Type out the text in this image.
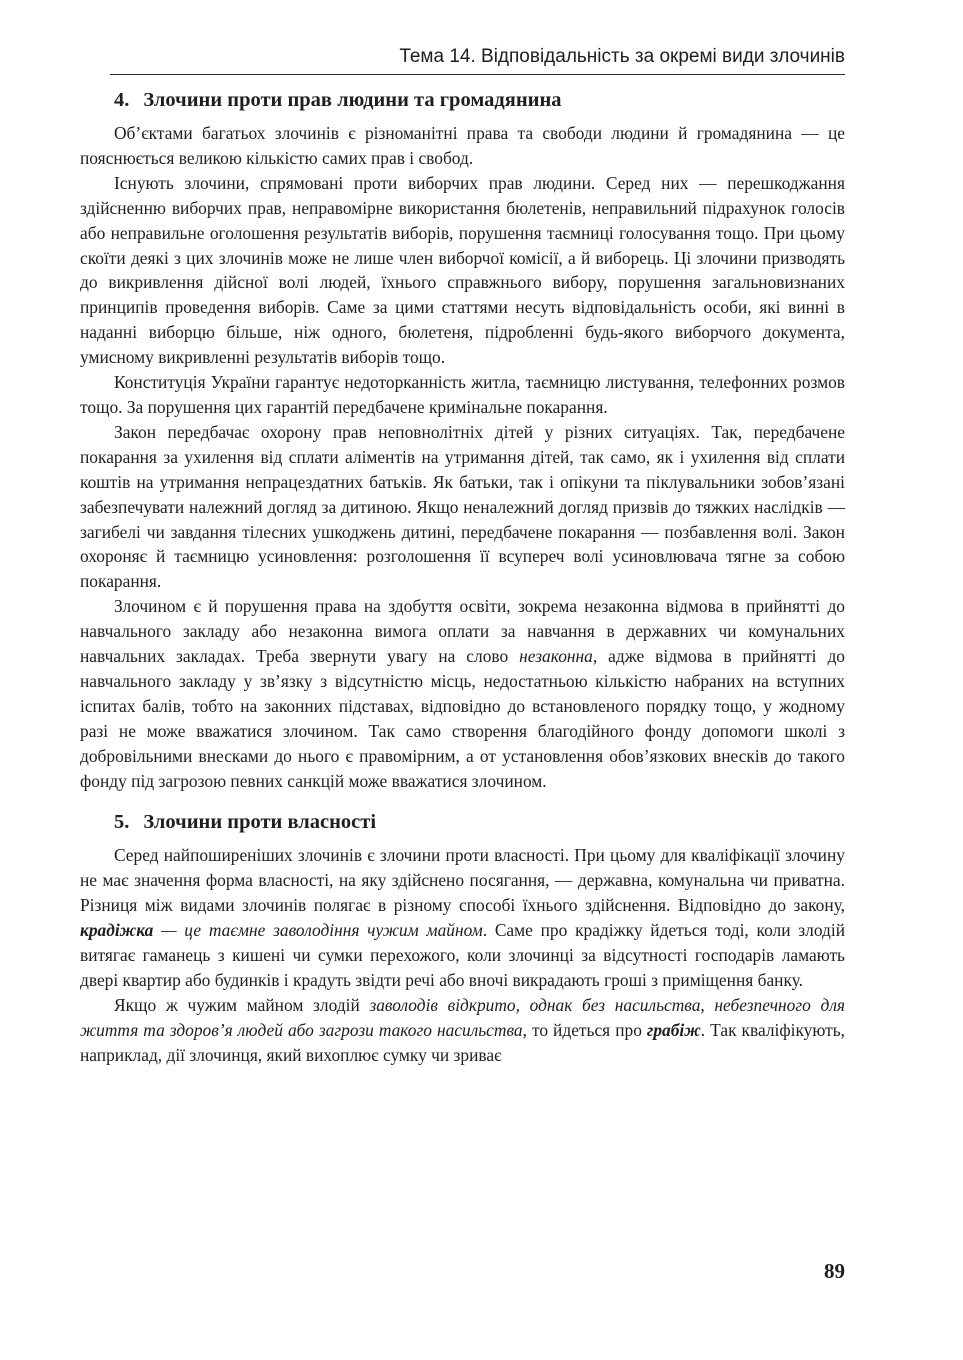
Тема 14. Відповідальність за окремі види злочинів
4. Злочини проти прав людини та громадянина

Об’єктами багатьох злочинів є різноманітні права та свободи людини й громадянина — це пояснюється великою кількістю самих прав і свобод.

Існують злочини, спрямовані проти виборчих прав людини. Серед них — перешкоджання здійсненню виборчих прав, неправомірне використання бюлетенів, неправильний підрахунок голосів або неправильне оголошення результатів виборів, порушення таємниці голосування тощо. При цьому скоїти деякі з цих злочинів може не лише член виборчої комісії, а й виборець. Ці злочини призводять до викривлення дійсної волі людей, їхнього справжнього вибору, порушення загальновизнаних принципів проведення виборів. Саме за цими статтями несуть відповідальність особи, які винні в наданні виборцю більше, ніж одного, бюлетеня, підробленні будь-якого виборчого документа, умисному викривленні результатів виборів тощо.

Конституція України гарантує недоторканність житла, таємницю листування, телефонних розмов тощо. За порушення цих гарантій передбачене кримінальне покарання.

Закон передбачає охорону прав неповнолітніх дітей у різних ситуаціях. Так, передбачене покарання за ухилення від сплати аліментів на утримання дітей, так само, як і ухилення від сплати коштів на утримання непрацездатних батьків. Як батьки, так і опікуни та піклувальники зобов’язані забезпечувати належний догляд за дитиною. Якщо неналежний догляд призвів до тяжких наслідків — загибелі чи завдання тілесних ушкоджень дитині, передбачене покарання — позбавлення волі. Закон охороняє й таємницю усиновлення: розголошення її всупереч волі усиновлювача тягне за собою покарання.

Злочином є й порушення права на здобуття освіти, зокрема незаконна відмова в прийнятті до навчального закладу або незаконна вимога оплати за навчання в державних чи комунальних навчальних закладах. Треба звернути увагу на слово незаконна, адже відмова в прийнятті до навчального закладу у зв’язку з відсутністю місць, недостатньою кількістю набраних на вступних іспитах балів, тобто на законних підставах, відповідно до встановленого порядку тощо, у жодному разі не може вважатися злочином. Так само створення благодійного фонду допомоги школі з добровільними внесками до нього є правомірним, а от установлення обов’язкових внесків до такого фонду під загрозою певних санкцій може вважатися злочином.

5. Злочини проти власності

Серед найпоширеніших злочинів є злочини проти власності. При цьому для кваліфікації злочину не має значення форма власності, на яку здійснено посягання, — державна, комунальна чи приватна. Різниця між видами злочинів полягає в різному способі їхнього здійснення. Відповідно до закону, крадіжка — це таємне заволодіння чужим майном. Саме про крадіжку йдеться тоді, коли злодій витягає гаманець з кишені чи сумки перехожого, коли злочинці за відсутності господарів ламають двері квартир або будинків і крадуть звідти речі або вночі викрадають гроші з приміщення банку.

Якщо ж чужим майном злодій заволодів відкрито, однак без насильства, небезпечного для життя та здоров’я людей або загрози такого насильства, то йдеться про грабіж. Так кваліфікують, наприклад, дії злочинця, який вихоплює сумку чи зриває

89
